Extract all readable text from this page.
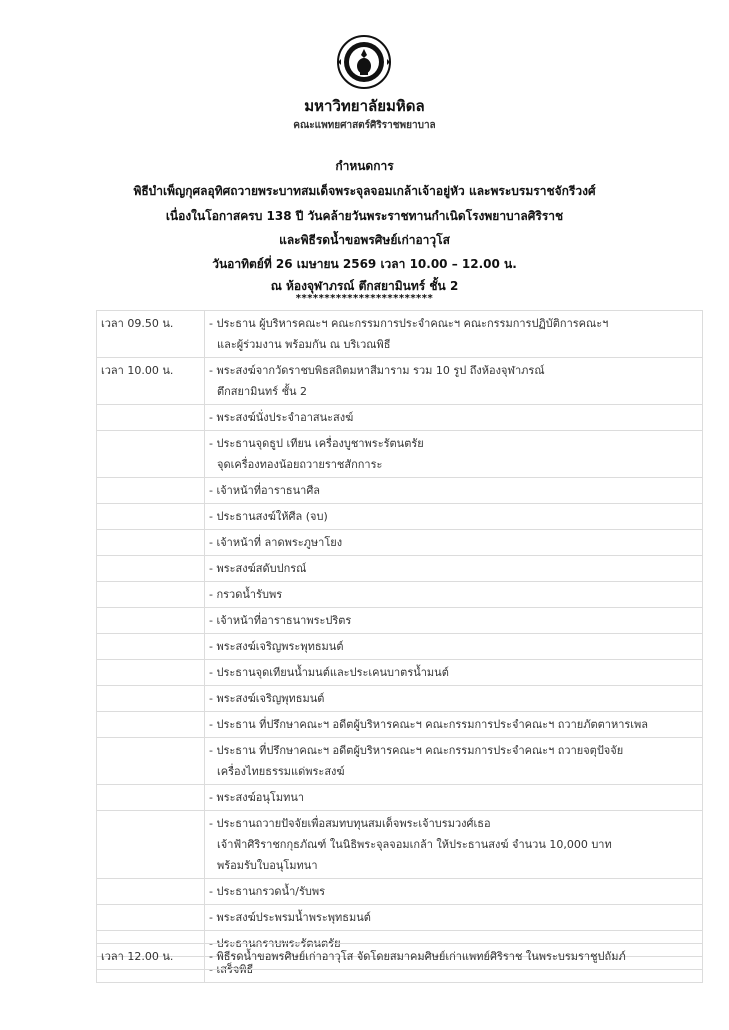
มหาวิทยาลัยมหิดล
คณะแพทยศาสตร์ศิริราชพยาบาล
กำหนดการ
พิธีบำเพ็ญกุศลอุทิศถวายพระบาทสมเด็จพระจุลจอมเกล้าเจ้าอยู่หัว และพระบรมราชจักรีวงศ์
เนื่องในโอกาสครบ 138 ปี วันคล้ายวันพระราชทานกำเนิดโรงพยาบาลศิริราช
และพิธีรดน้ำขอพรศิษย์เก่าอาวุโส
วันอาทิตย์ที่ 26 เมษายน 2569 เวลา 10.00 – 12.00 น.
ณ ห้องจุฬาภรณ์ ตึกสยามินทร์ ชั้น 2
************************
เวลา 09.50 น.	- ประธาน ผู้บริหารคณะฯ คณะกรรมการประจำคณะฯ คณะกรรมการปฏิบัติการคณะฯ
และผู้ร่วมงาน พร้อมกัน ณ บริเวณพิธี

เวลา 10.00 น.	- พระสงฆ์จากวัดราชบพิธสถิตมหาสีมาราม รวม 10 รูป ถึงห้องจุฬาภรณ์
ตึกสยามินทร์ ชั้น 2

	- พระสงฆ์นั่งประจำอาสนะสงฆ์

	- ประธานจุดธูป เทียน เครื่องบูชาพระรัตนตรัย
จุดเครื่องทองน้อยถวายราชสักการะ

	- เจ้าหน้าที่อาราธนาศีล

	- ประธานสงฆ์ให้ศีล (จบ)

	- เจ้าหน้าที่ ลาดพระภูษาโยง

	- พระสงฆ์สดับปกรณ์

	- กรวดน้ำรับพร

	- เจ้าหน้าที่อาราธนาพระปริตร

	- พระสงฆ์เจริญพระพุทธมนต์

	- ประธานจุดเทียนน้ำมนต์และประเคนบาตรน้ำมนต์

	- พระสงฆ์เจริญพุทธมนต์

	- ประธาน ที่ปรึกษาคณะฯ อดีตผู้บริหารคณะฯ คณะกรรมการประจำคณะฯ ถวายภัตตาหารเพล

	- ประธาน ที่ปรึกษาคณะฯ อดีตผู้บริหารคณะฯ คณะกรรมการประจำคณะฯ ถวายจตุปัจจัย
เครื่องไทยธรรมแด่พระสงฆ์

	- พระสงฆ์อนุโมทนา

	- ประธานถวายปัจจัยเพื่อสมทบทุนสมเด็จพระเจ้าบรมวงศ์เธอ
เจ้าฟ้าศิริราชกกุธภัณฑ์ ในนิธิพระจุลจอมเกล้า ให้ประธานสงฆ์ จำนวน 10,000 บาท
พร้อมรับใบอนุโมทนา

	- ประธานกรวดน้ำ/รับพร

	- พระสงฆ์ประพรมน้ำพระพุทธมนต์

	- ประธานกราบพระรัตนตรัย

	- เสร็จพิธี
เวลา 12.00 น.	- พิธีรดน้ำขอพรศิษย์เก่าอาวุโส จัดโดยสมาคมศิษย์เก่าแพทย์ศิริราช ในพระบรมราชูปถัมภ์
